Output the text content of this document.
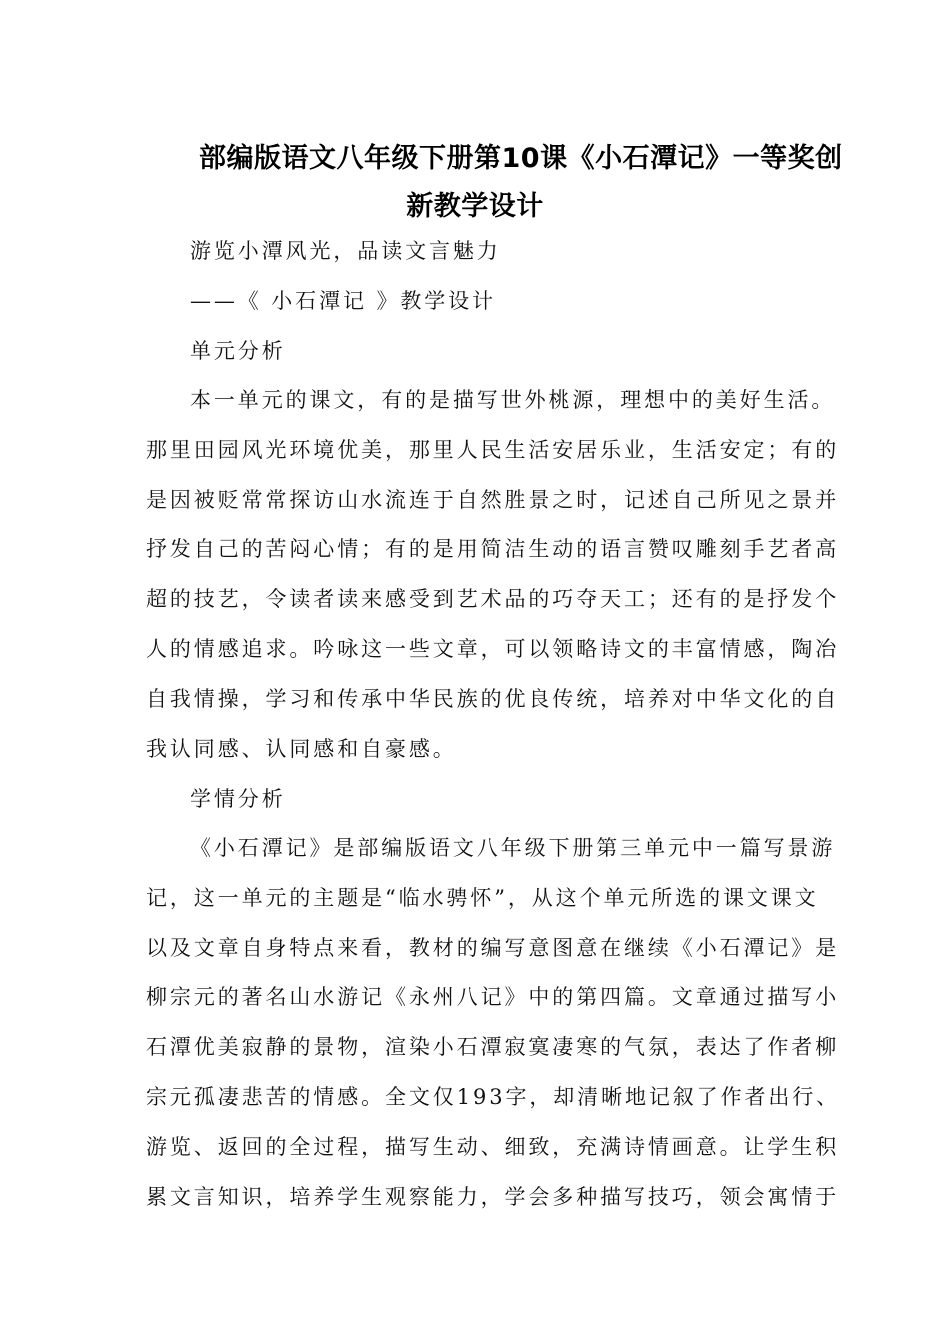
部编版语文八年级下册第10课《小石潭记》一等奖创
新教学设计
游览小潭风光，品读文言魅力
——《 小石潭记 》教学设计
单元分析
本一单元的课文，有的是描写世外桃源，理想中的美好生活。
那里田园风光环境优美，那里人民生活安居乐业，生活安定；有的
是因被贬常常探访山水流连于自然胜景之时，记述自己所见之景并
抒发自己的苦闷心情；有的是用简洁生动的语言赞叹雕刻手艺者高
超的技艺，令读者读来感受到艺术品的巧夺天工；还有的是抒发个
人的情感追求。吟咏这一些文章，可以领略诗文的丰富情感，陶冶
自我情操，学习和传承中华民族的优良传统，培养对中华文化的自
我认同感、认同感和自豪感。
学情分析
《小石潭记》是部编版语文八年级下册第三单元中一篇写景游
记，这一单元的主题是“临水骋怀”，从这个单元所选的课文课文
以及文章自身特点来看，教材的编写意图意在继续《小石潭记》是
柳宗元的著名山水游记《永州八记》中的第四篇。文章通过描写小
石潭优美寂静的景物，渲染小石潭寂寞凄寒的气氛，表达了作者柳
宗元孤凄悲苦的情感。全文仅193字，却清晰地记叙了作者出行、
游览、返回的全过程，描写生动、细致，充满诗情画意。让学生积
累文言知识，培养学生观察能力，学会多种描写技巧，领会寓情于
